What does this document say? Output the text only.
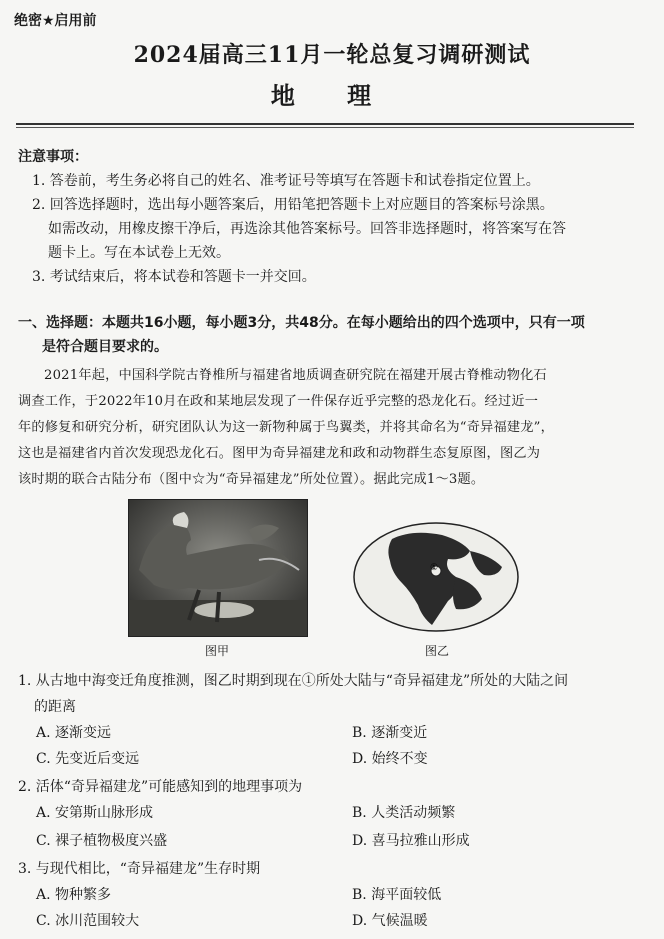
绝密★启用前
2024届高三11月一轮总复习调研测试
地 理
注意事项：
1. 答卷前，考生务必将自己的姓名、准考证号等填写在答题卡和试卷指定位置上。
2. 回答选择题时，选出每小题答案后，用铅笔把答题卡上对应题目的答案标号涂黑。
如需改动，用橡皮擦干净后，再选涂其他答案标号。回答非选择题时，将答案写在答
题卡上。写在本试卷上无效。
3. 考试结束后，将本试卷和答题卡一并交回。
一、选择题：本题共16小题，每小题3分，共48分。在每小题给出的四个选项中，只有一项
是符合题目要求的。
2021年起，中国科学院古脊椎所与福建省地质调查研究院在福建开展古脊椎动物化石
调查工作，于2022年10月在政和某地层发现了一件保存近乎完整的恐龙化石。经过近一
年的修复和研究分析，研究团队认为这一新物种属于鸟翼类，并将其命名为“奇异福建龙”，
这也是福建省内首次发现恐龙化石。图甲为奇异福建龙和政和动物群生态复原图，图乙为
该时期的联合古陆分布（图中☆为“奇异福建龙”所处位置）。据此完成1～3题。
图甲
①
图乙
1. 从古地中海变迁角度推测，图乙时期到现在①所处大陆与“奇异福建龙”所处的大陆之间
的距离
A. 逐渐变远	B. 逐渐变近
C. 先变近后变远	D. 始终不变
2. 活体“奇异福建龙”可能感知到的地理事项为
A. 安第斯山脉形成	B. 人类活动频繁
C. 裸子植物极度兴盛	D. 喜马拉雅山形成
3. 与现代相比，“奇异福建龙”生存时期
A. 物种繁多	B. 海平面较低
C. 冰川范围较大	D. 气候温暖
